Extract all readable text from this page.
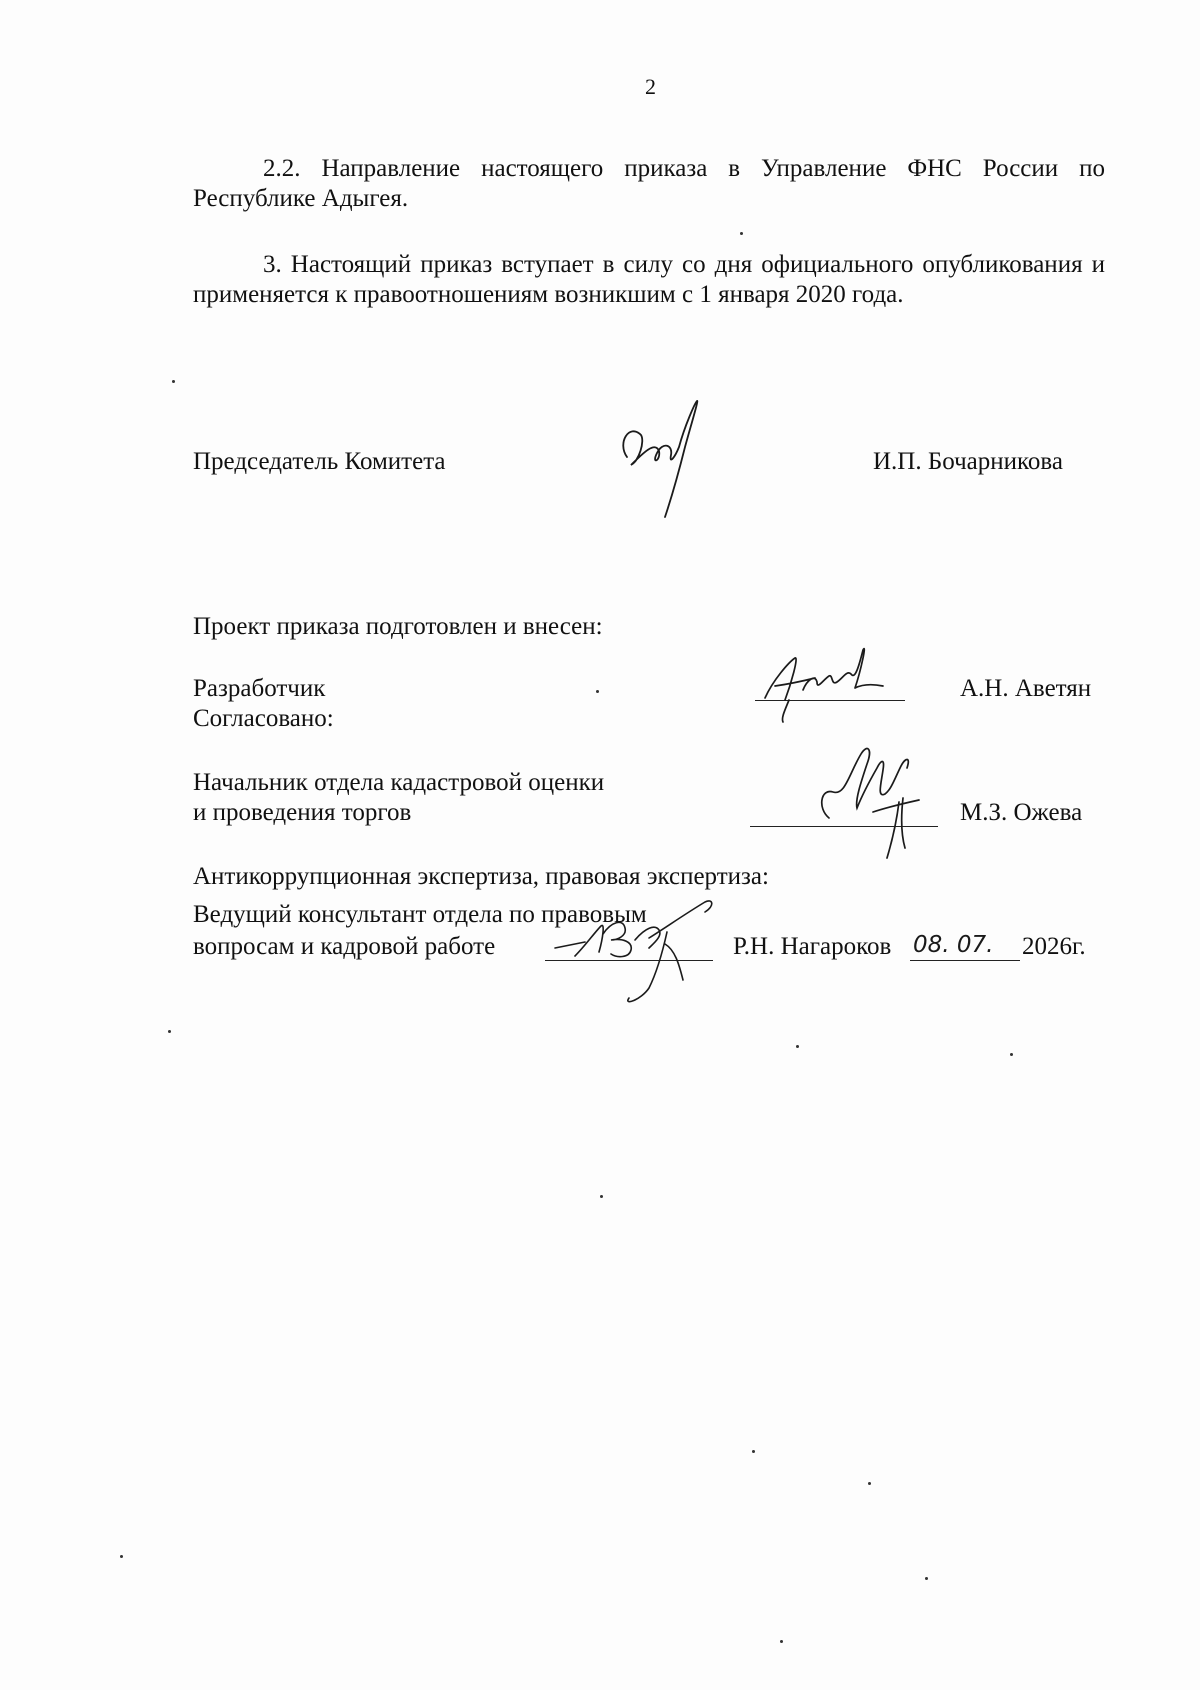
2
2.2. Направление настоящего приказа в Управление ФНС России по Республике Адыгея.
3. Настоящий приказ вступает в силу со дня официального опубликования и применяется к правоотношениям возникшим с 1 января 2020 года.
Председатель Комитета	И.П. Бочарникова
Проект приказа подготовлен и внесен:
Разработчик	А.Н. Аветян
Согласовано:
Начальник отдела кадастровой оценки
и проведения торгов	М.З. Ожева
Антикоррупционная экспертиза, правовая экспертиза:
Ведущий консультант отдела по правовым
вопросам и кадровой работе	Р.Н. Нагароков 08. 07. 2026г.
